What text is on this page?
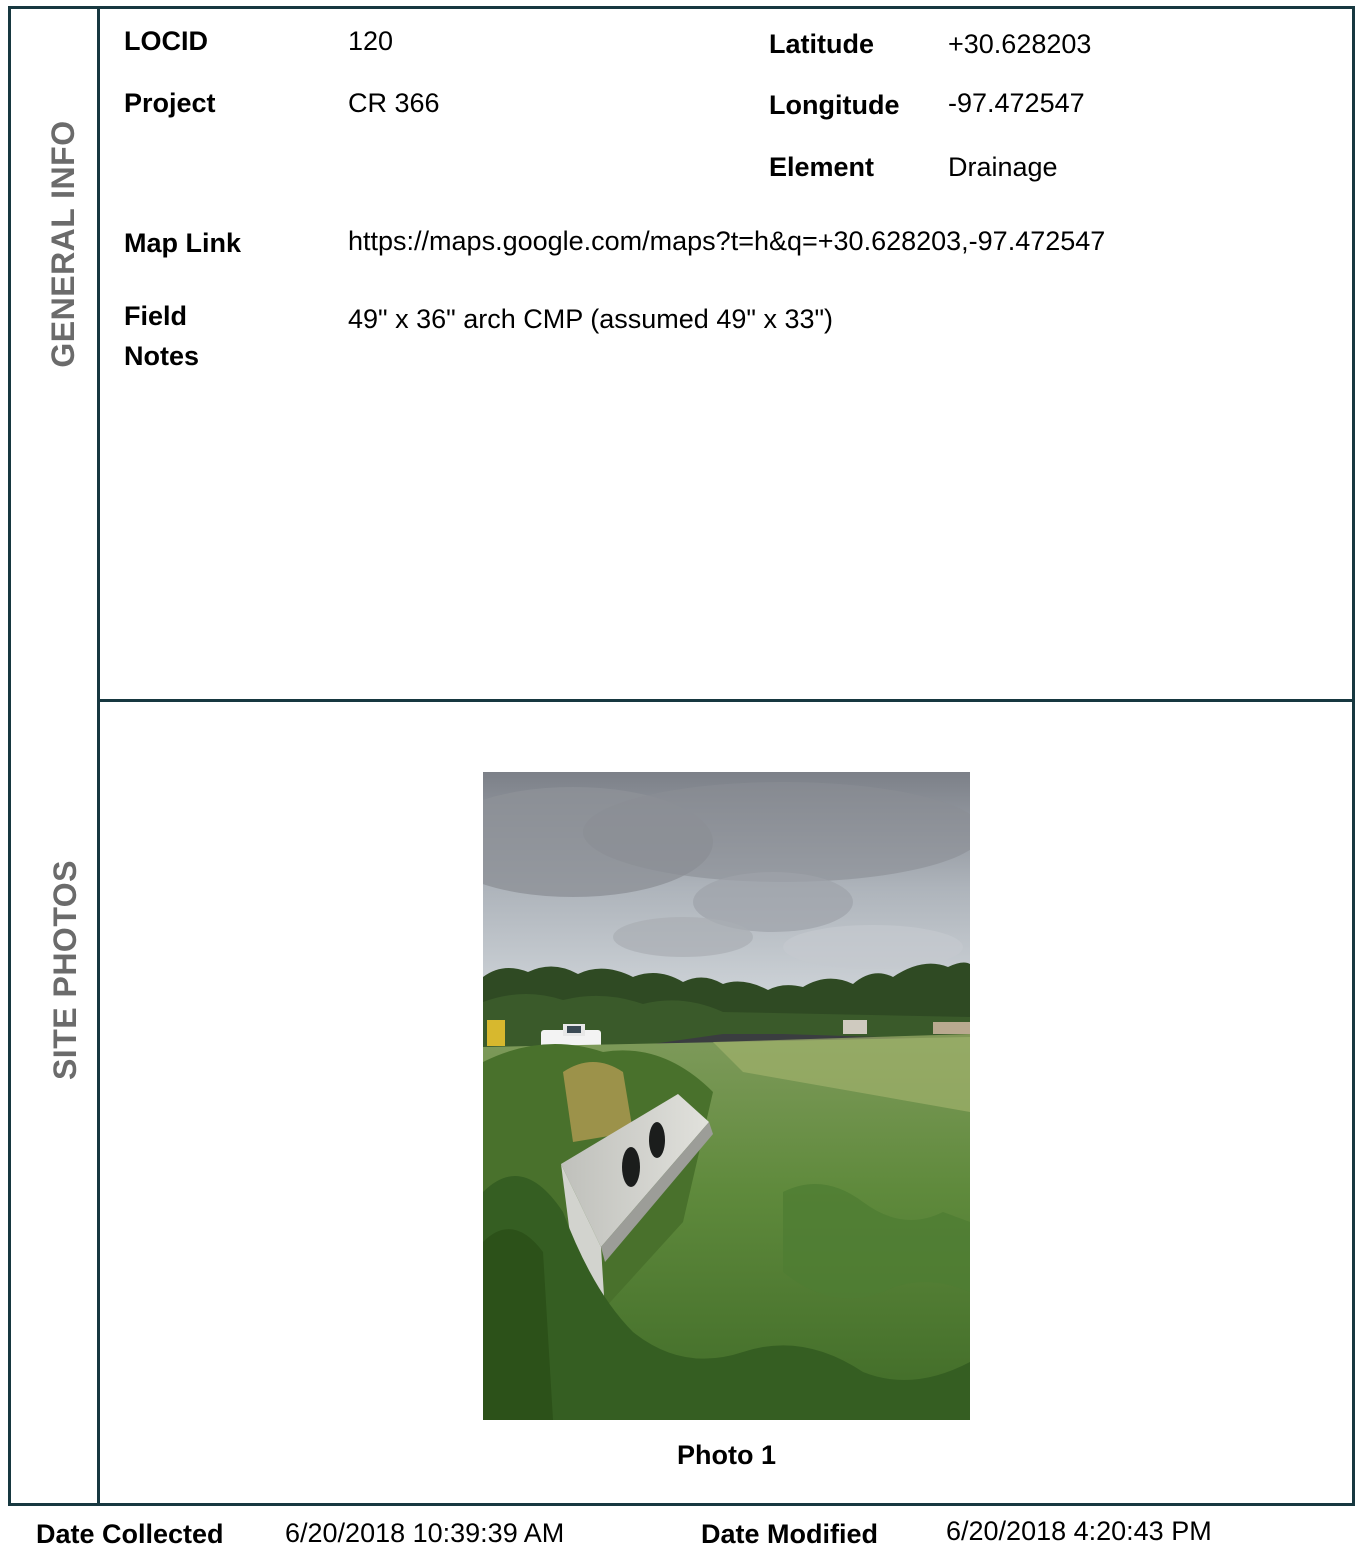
GENERAL INFO
SITE PHOTOS
LOCID	120
Project	CR 366
Latitude	+30.628203
Longitude -97.472547
Element	Drainage
Map Link	https://maps.google.com/maps?t=h&q=+30.628203,-97.472547
Field
Notes
49" x 36" arch CMP (assumed 49" x 33")
Photo 1
Date Collected 6/20/2018 10:39:39 AM	Date Modified	6/20/2018 4:20:43 PM
